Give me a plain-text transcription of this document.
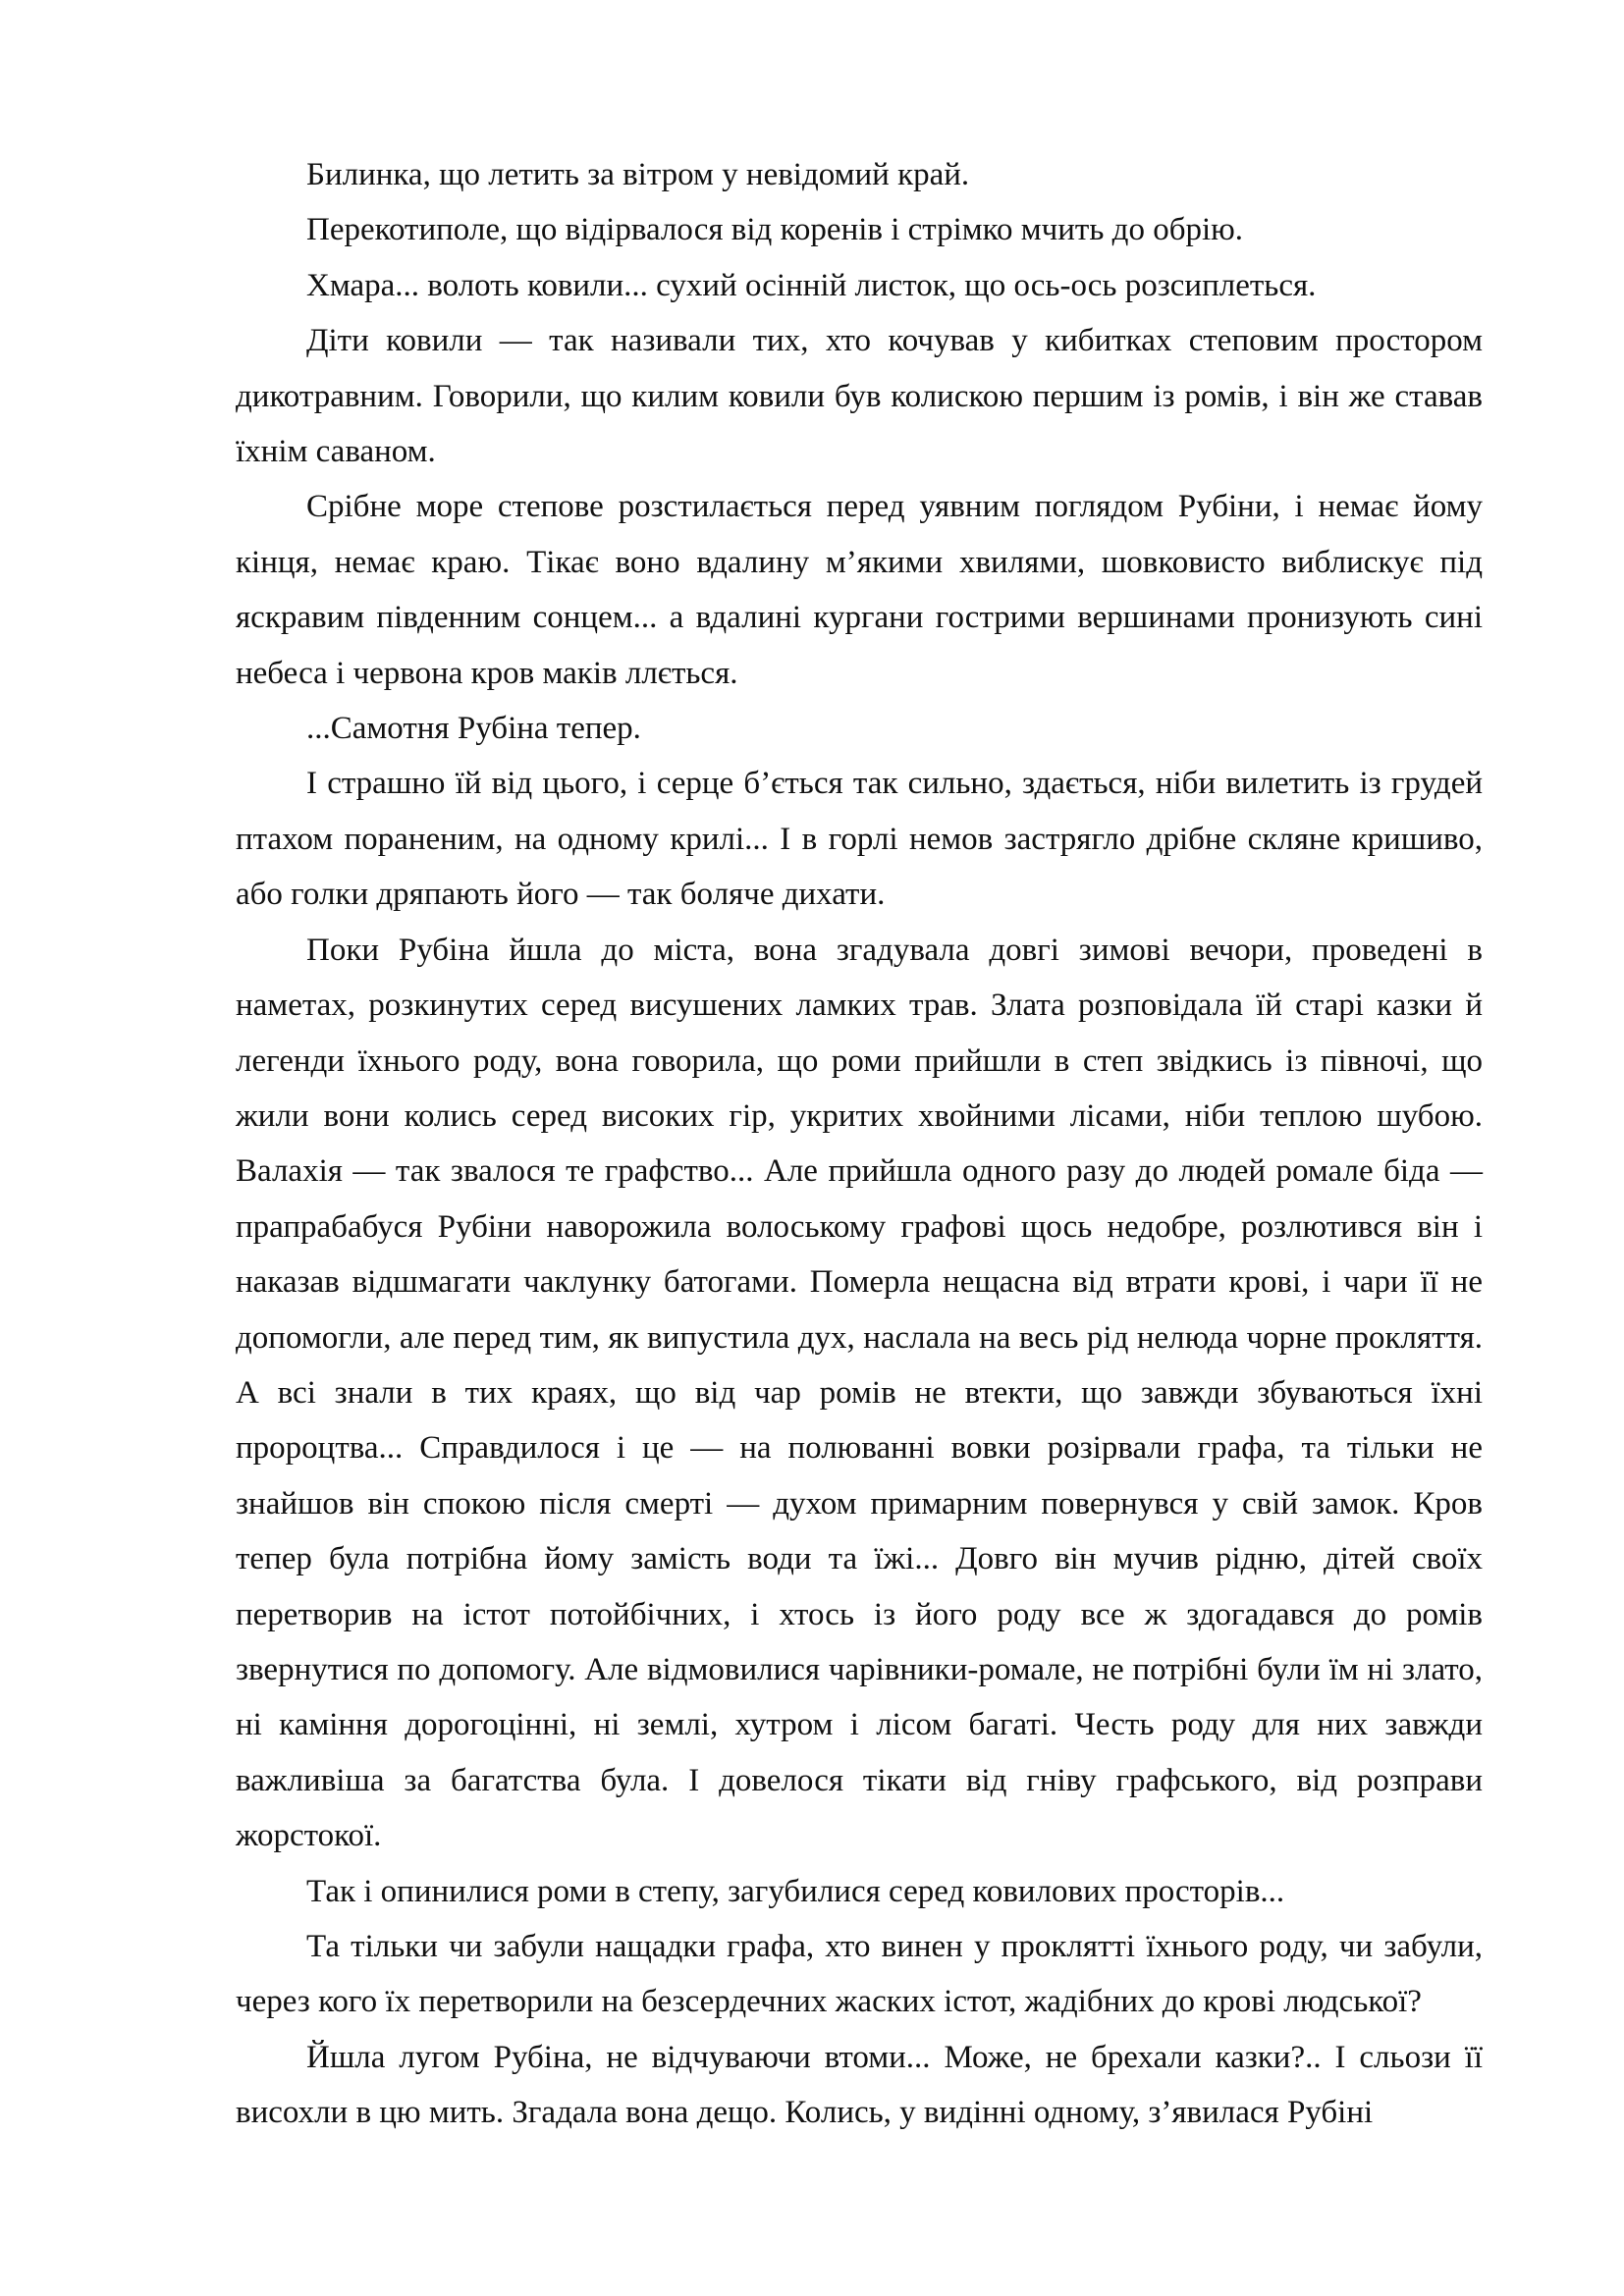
Билинка, що летить за вітром у невідомий край.

Перекотиполе, що відірвалося від коренів і стрімко мчить до обрію.

Хмара... волоть ковили... сухий осінній листок, що ось-ось розсиплеться.

Діти ковили — так називали тих, хто кочував у кибитках степовим простором дикотравним. Говорили, що килим ковили був колискою першим із ромів, і він же ставав їхнім саваном.

Срібне море степове розстилається перед уявним поглядом Рубіни, і немає йому кінця, немає краю. Тікає воно вдалину м’якими хвилями, шовковисто виблискує під яскравим південним сонцем... а вдалині кургани гострими вершинами пронизують сині небеса і червона кров маків ллється.

...Самотня Рубіна тепер.

І страшно їй від цього, і серце б’ється так сильно, здається, ніби вилетить із грудей птахом пораненим, на одному крилі... І в горлі немов застрягло дрібне скляне кришиво, або голки дряпають його — так боляче дихати.

Поки Рубіна йшла до міста, вона згадувала довгі зимові вечори, проведені в наметах, розкинутих серед висушених ламких трав. Злата розповідала їй старі казки й легенди їхнього роду, вона говорила, що роми прийшли в степ звідкись із півночі, що жили вони колись серед високих гір, укритих хвойними лісами, ніби теплою шубою. Валахія — так звалося те графство... Але прийшла одного разу до людей ромале біда — прапрабабуся Рубіни наворожила волоському графові щось недобре, розлютився він і наказав відшмагати чаклунку батогами. Померла нещасна від втрати крові, і чари її не допомогли, але перед тим, як випустила дух, наслала на весь рід нелюда чорне прокляття. А всі знали в тих краях, що від чар ромів не втекти, що завжди збуваються їхні пророцтва... Справдилося і це — на полюванні вовки розірвали графа, та тільки не знайшов він спокою після смерті — духом примарним повернувся у свій замок. Кров тепер була потрібна йому замість води та їжі... Довго він мучив рідню, дітей своїх перетворив на істот потойбічних, і хтось із його роду все ж здогадався до ромів звернутися по допомогу. Але відмовилися чарівники-ромале, не потрібні були їм ні злато, ні каміння дорогоцінні, ні землі, хутром і лісом багаті. Честь роду для них завжди важливіша за багатства була. І довелося тікати від гніву графського, від розправи жорстокої.

Так і опинилися роми в степу, загубилися серед ковилових просторів...

Та тільки чи забули нащадки графа, хто винен у проклятті їхнього роду, чи забули, через кого їх перетворили на безсердечних жаских істот, жадібних до крові людської?

Йшла лугом Рубіна, не відчуваючи втоми... Може, не брехали казки?.. І сльози її висохли в цю мить. Згадала вона дещо. Колись, у видінні одному, з’явилася Рубіні
